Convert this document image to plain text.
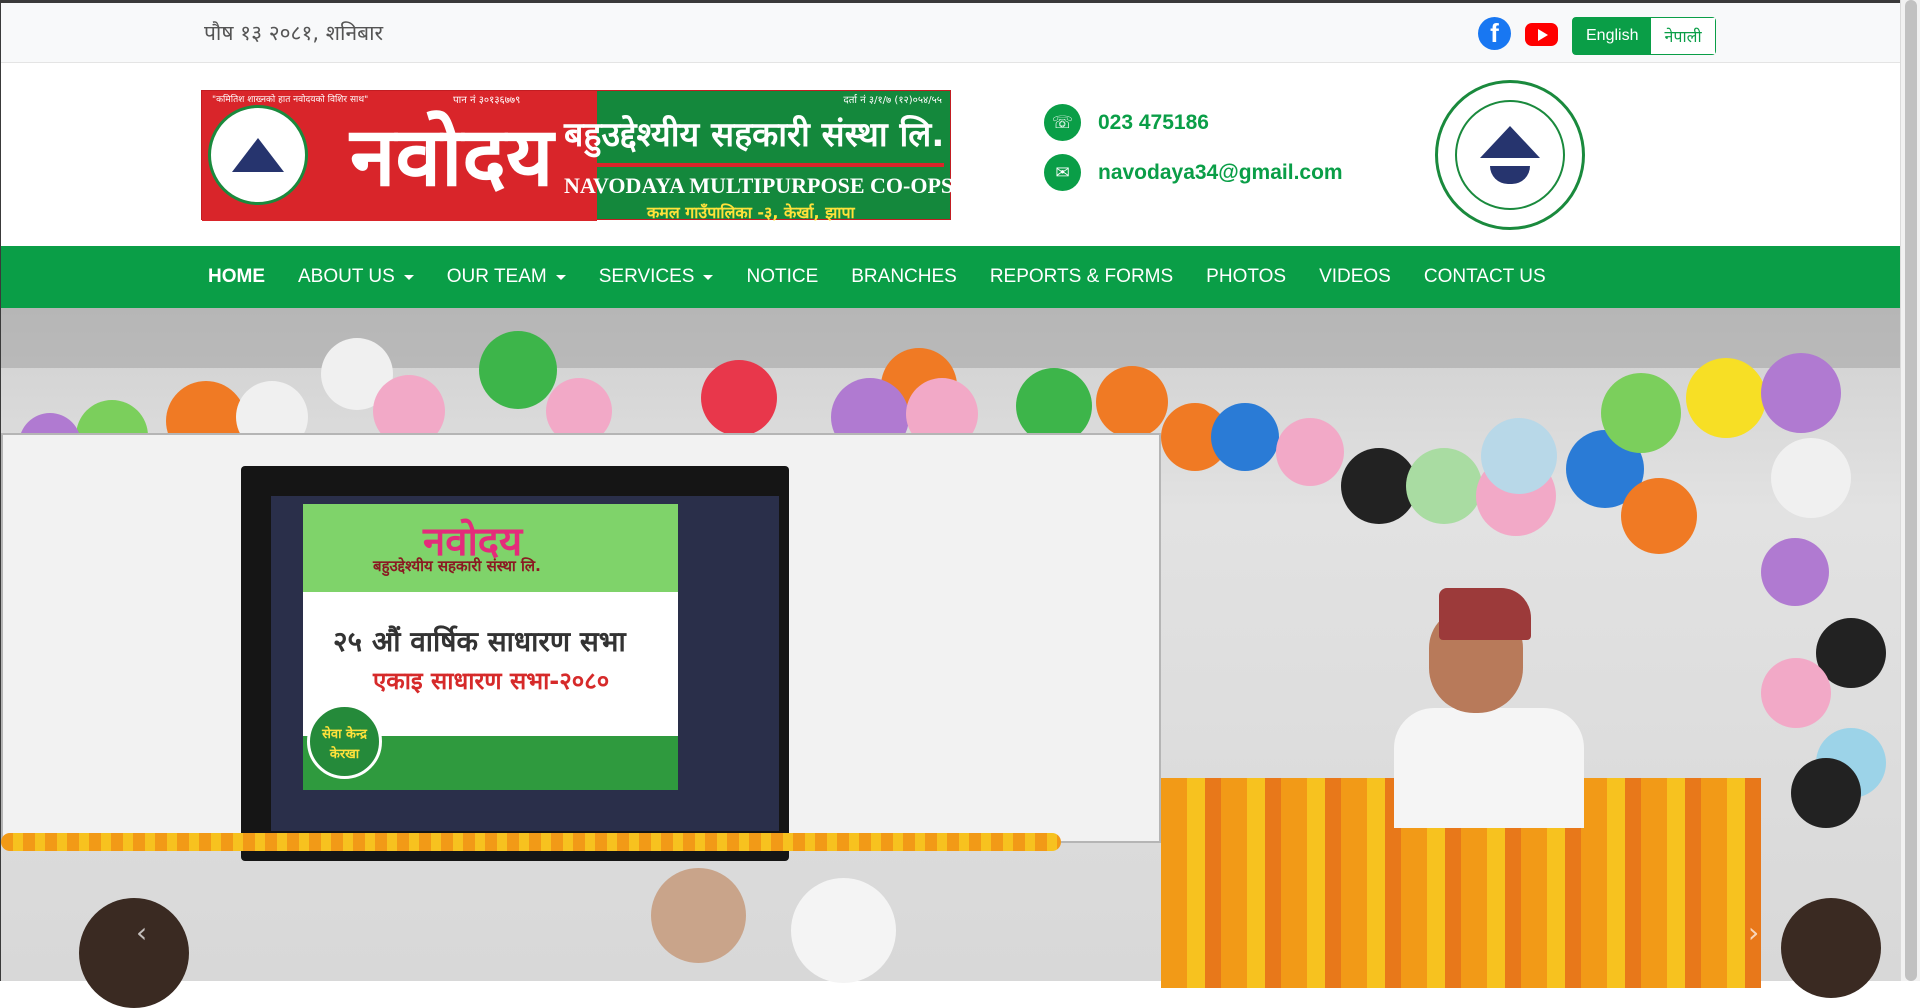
पौष १३ २०८१, शनिबार	f	English	नेपाली
"कमितिश शाख्नको हात नवोदयको विशिर साथ"	पान नं ३०१३६७७९	दर्ता नं ३/१/७ (१२)०५४/५५
नवोदय बहुउद्देश्यीय सहकारी संस्था लि.
NAVODAYA MULTIPURPOSE CO-OPS LTD.
कमल गाउँपालिका -३, केर्खा, झापा
☏	023 475186
✉	navodaya34@gmail.com
HOME ABOUT US	OUR TEAM	SERVICES	NOTICE BRANCHES REPORTS & FORMS PHOTOS VIDEOS CONTACT US
नवोदय
बहुउद्देश्यीय सहकारी संस्था लि.
२५ औं वार्षिक साधारण सभा
एकाइ साधारण सभा-२०८०
सेवा केन्द्र केरखा
‹	›
